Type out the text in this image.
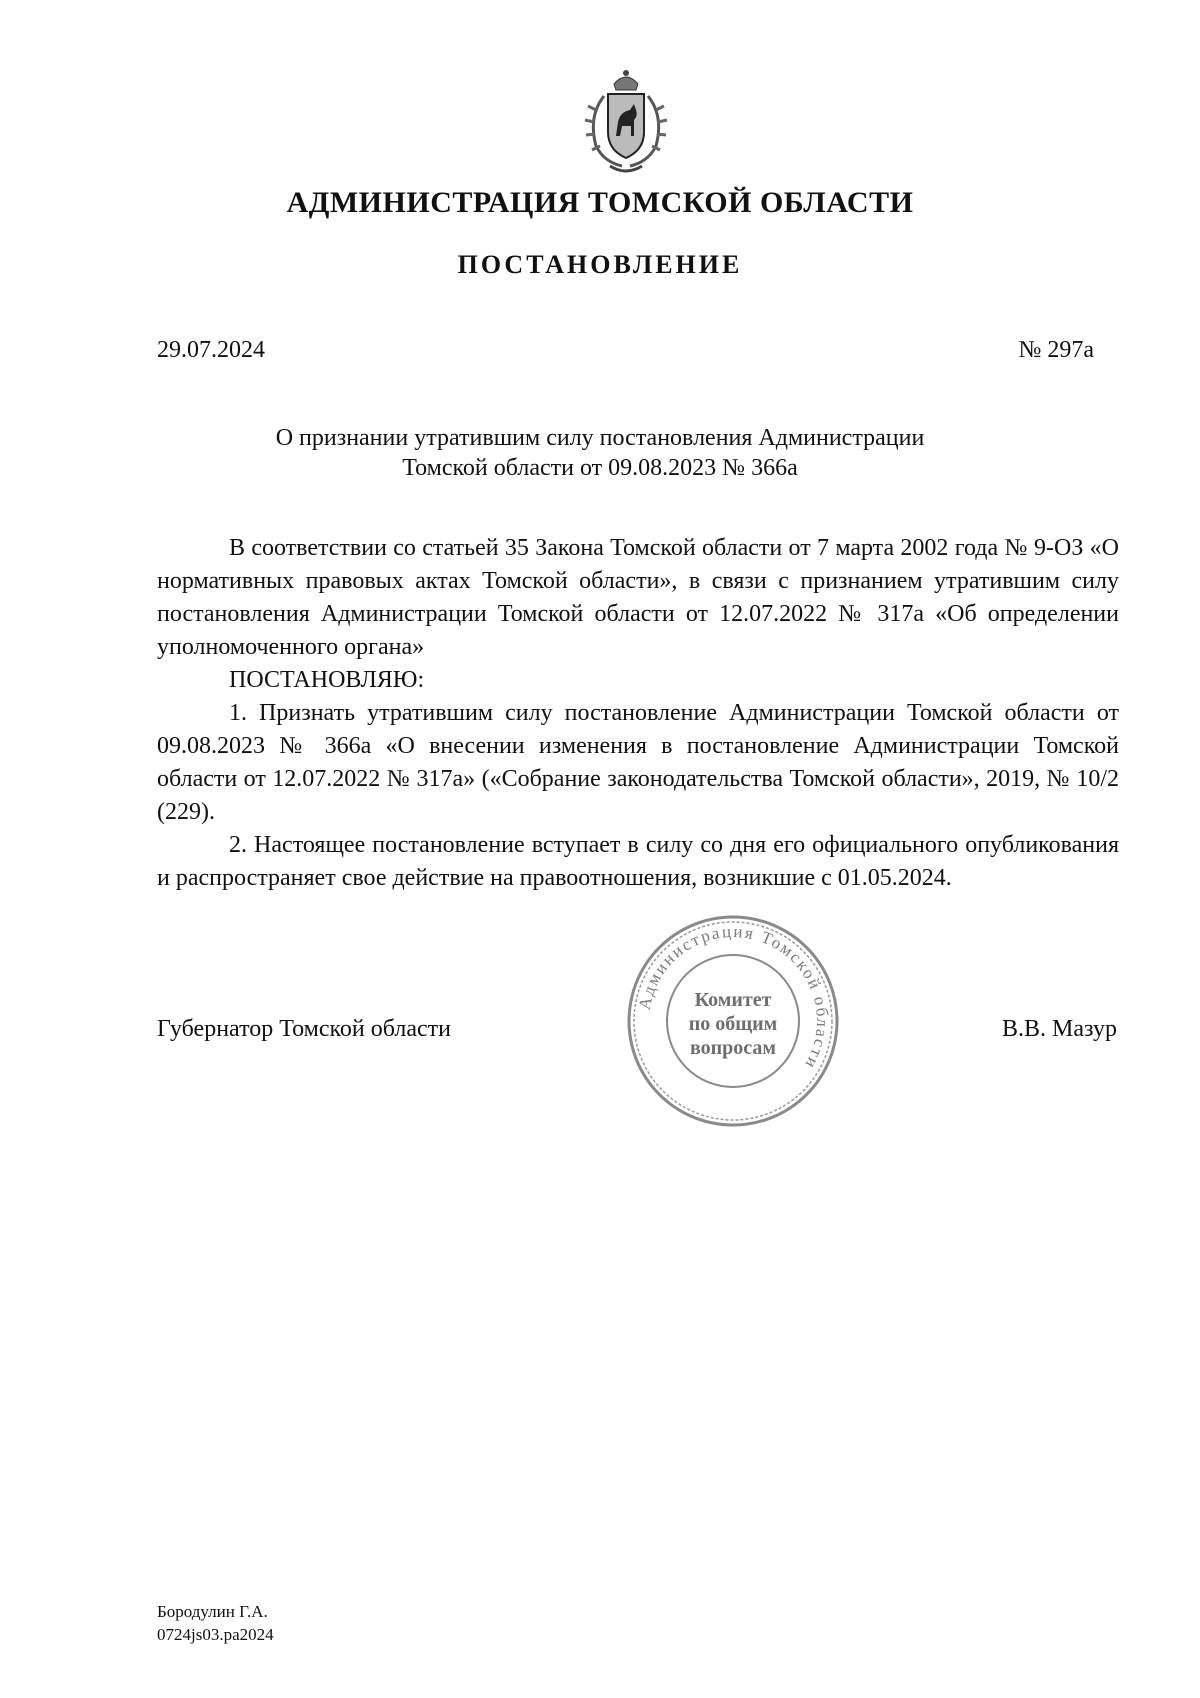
АДМИНИСТРАЦИЯ ТОМСКОЙ ОБЛАСТИ
ПОСТАНОВЛЕНИЕ
29.07.2024	№ 297а
О признании утратившим силу постановления Администрации
Томской области от 09.08.2023 № 366а

В соответствии со статьей 35 Закона Томской области от 7 марта 2002 года № 9-ОЗ «О нормативных правовых актах Томской области», в связи с признанием утратившим силу постановления Администрации Томской области от 12.07.2022 № 317а «Об определении уполномоченного органа»

ПОСТАНОВЛЯЮ:

1. Признать утратившим силу постановление Администрации Томской области от 09.08.2023 № 366а «О внесении изменения в постановление Администрации Томской области от 12.07.2022 № 317а» («Собрание законодательства Томской области», 2019, № 10/2 (229).

2. Настоящее постановление вступает в силу со дня его официального опубликования и распространяет свое действие на правоотношения, возникшие с 01.05.2024.

Губернатор Томской области	В.В. Мазур
Администрация Томской области
Комитет
по общим
вопросам
Бородулин Г.А.
0724js03.pa2024
